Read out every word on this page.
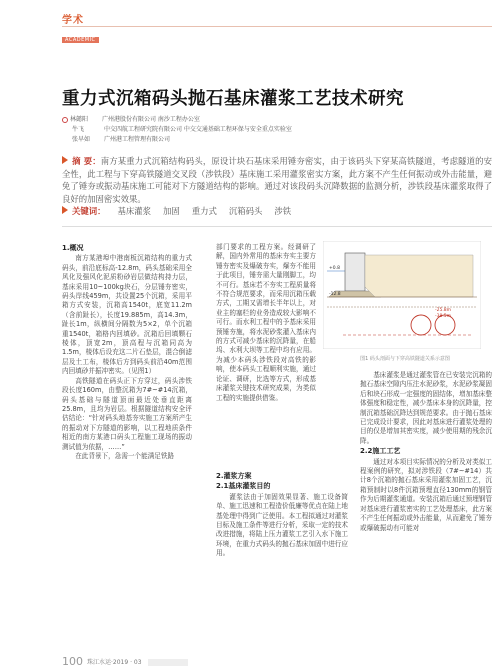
学术
ACADEMIC
重力式沉箱码头抛石基床灌浆工艺技术研究
林懿阳 广州港股份有限公司 南沙工程办公室
牛飞	中交四航工程研究院有限公司 中交交通基础工程环保与安全重点实验室
张早如 广州港工程管理有限公司
摘 要：南方某重力式沉箱结构码头，原设计块石基床采用锤夯密实，由于该码头下穿某高铁隧道，考虑隧道的安全性，此工程与下穿高铁隧道交叉段（涉铁段）基床施工采用灌浆密实方案，此方案不产生任何振动或外击能量，避免了锤夯或振动基床施工可能对下方隧道结构的影响。通过对该段码头沉降数据的监测分析，涉铁段基床灌浆取得了良好的加固密实效果。
关键词： 基床灌浆 加固 重力式 沉箱码头 涉铁
1.概况

南方某港埠中港南板沉箱结构的重力式码头，前沿底标高-12.8m，码头基础采用全风化及强风化泥质粉砂岩层做结构持力层，基床采用10~100kg块石，分层锤夯密实，码头岸线459m，共设置25个沉箱，采用平箱方式安装，沉箱高1540t，底宽11.2m（含前趾长），长度19.885m，高14.3m，趾长1m，纵横间分隔数为5×2，单个沉箱重1540t，箱格内回填砂。沉箱后回填颗石棱体，顶宽2m，顶高程与沉箱同高为1.5m，棱体后设充这二片石垫层，混合倒滤层及土工布，棱体后方到码头前沿40m范围内回填砂并振冲密实。（见图1）

高铁隧道在码头正下方穿过，码头涉铁段长度160m，由整沉箱为7#~#14沉箱，码头基础与隧道顶面最近处垂直距离25.8m，且均为岩层。根据隧道结构安全评估结论：“针对码头地基夯实施工方案所产生的振动对下方隧道的影响，以工程地质条件相近的南方某港口码头工程施工现场的振动测试值为依据，……”

在此背景下，急需一个能满足铁路

部门要求的工程方案。经调研了解，国内外常用的基床夯实主要方锤夯密实及爆破夯实，爆夯不能用于此项目，锤夯需大量刚脚工，均不可行。基床若不夯实工程质量将不符合规范要求，而采用沉箱压载方式，工期又需增长半年以上，对业主的塞栏的业务造成较大影响不可行。而水利工程中的予基床采用预锤夯施，将水泥砂浆灌入基床内的方式可减少基床的沉降量，在船坞、水利大坝等工程中均有应用。为减少本码头涉铁段对高铁的影响，使本码头工程顺利实施，通过论证、调研，比选等方式，形成基床灌浆关键技术研究成果，为类似工程的实施提供借鉴。

2.灌浆方案
2.1基床灌浆目的

灌浆法由于加固效果显著、施工设备简单、施工迅速和工程造价低廉等优点在陆上地基处理中得到广泛使用。本工程拟通过对灌浆目标及施工条件等进行分析，采取一定的技术改进措施，将陆上压力灌浆工艺引入水下施工环境，在重力式码头的抛石基床加固中进行应用。

+0.8
-12.8
-25.8m
-38.5m
图1 码头剖面与下穿高铁隧道关系示意图

基床灌浆是通过灌浆管在已安装完沉箱的抛石基床空隙内压注水泥砂浆，水泥砂浆凝固后和块石形成一定强度的固结体，增加基床整体强度和稳定性，减少基床本身的沉降量，控制沉箱基础沉降达到规范要求。由于抛石基床已完成设计要求，因此对基床进行灌浆处理的目的仅是增加其密实度，减少使用期的残余沉降。

2.2施工工艺

通过对本项目实际情况的分析及对类似工程案例的研究，拟对涉铁段（7#~#14）共计8个沉箱的抛石基床采用灌浆加固工艺，沉箱预制时以8件沉箱预埋直径130mm的钢管作为后期灌浆通道。安装沉箱后通过预埋钢管对基床进行灌浆密实的工艺处理基床，此方案不产生任何振动或外击能量，从而避免了锤夯或爆破振动有可能对

100 珠江水运·2019 · 03
